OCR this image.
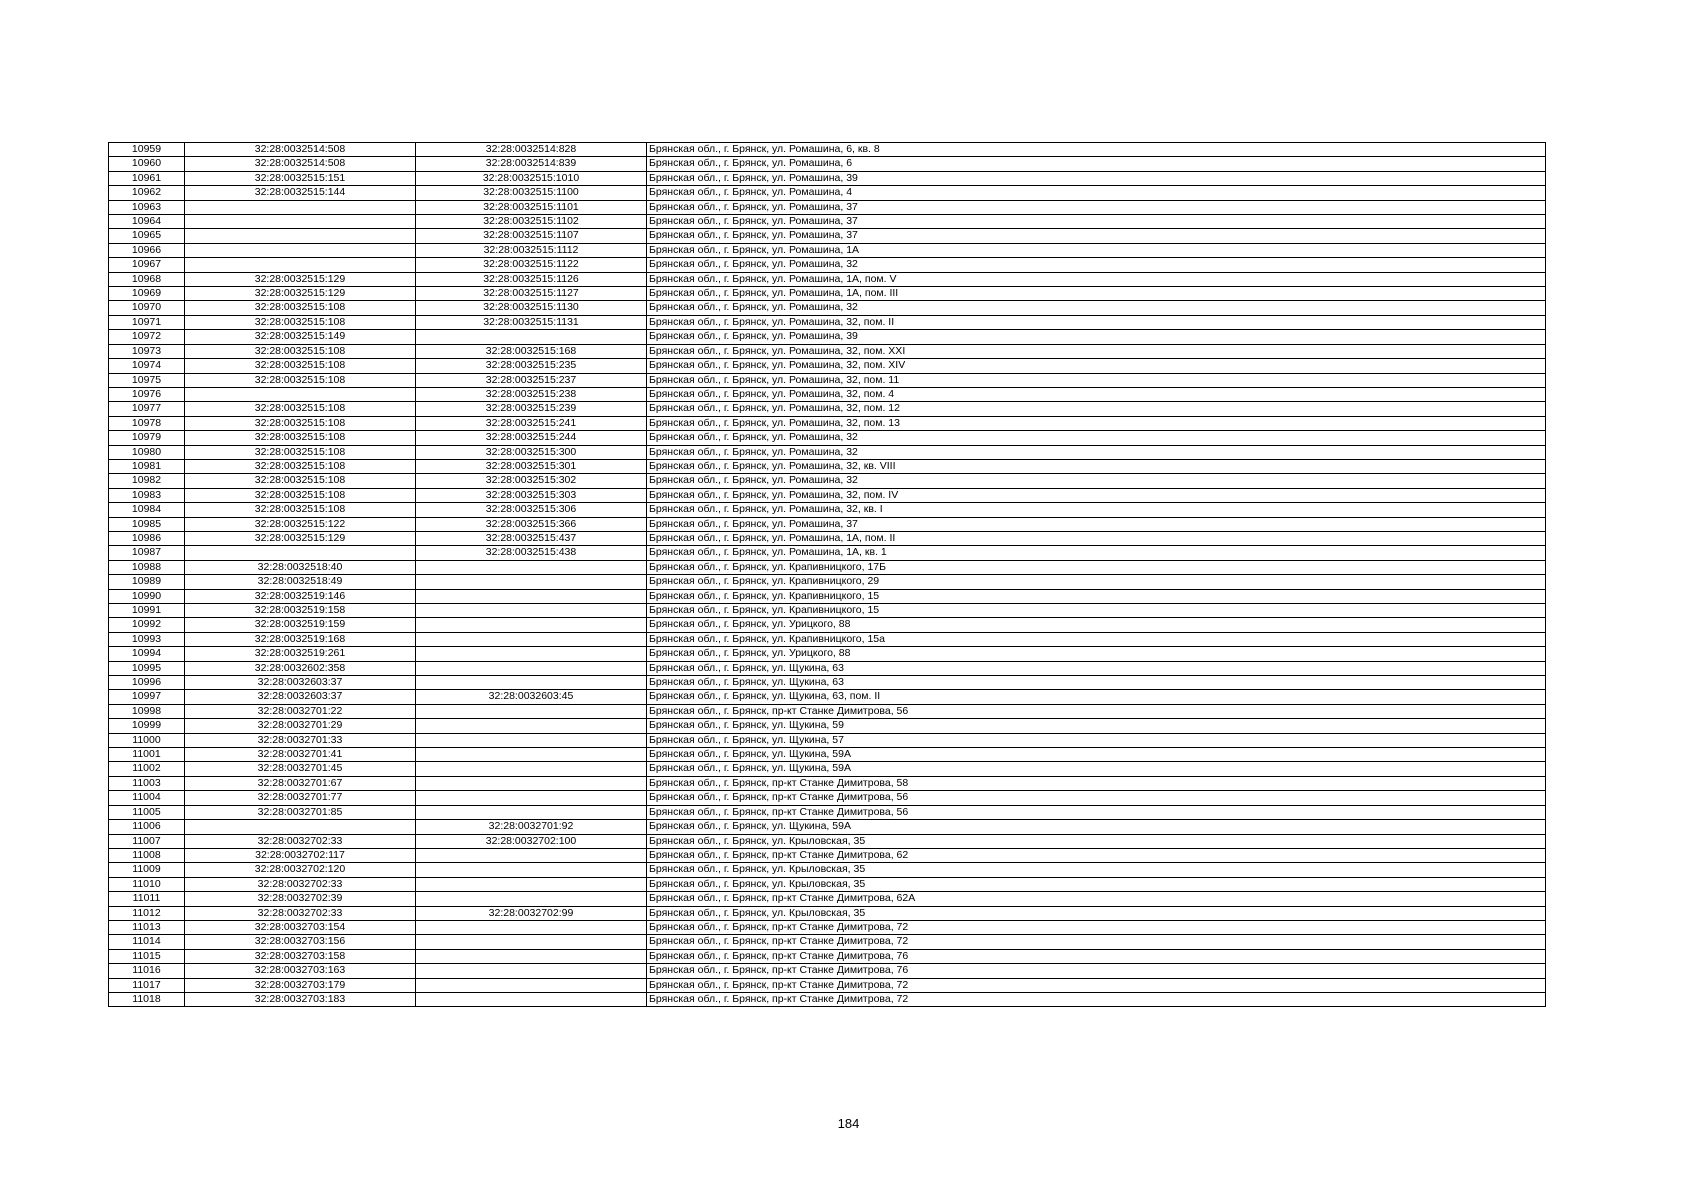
10959	32:28:0032514:508	32:28:0032514:828	Брянская обл., г. Брянск, ул. Ромашина, 6, кв. 8
10960	32:28:0032514:508	32:28:0032514:839	Брянская обл., г. Брянск, ул. Ромашина, 6
10961	32:28:0032515:151	32:28:0032515:1010	Брянская обл., г. Брянск, ул. Ромашина, 39
10962	32:28:0032515:144	32:28:0032515:1100	Брянская обл., г. Брянск, ул. Ромашина, 4
10963		32:28:0032515:1101	Брянская обл., г. Брянск, ул. Ромашина, 37
10964		32:28:0032515:1102	Брянская обл., г. Брянск, ул. Ромашина, 37
10965		32:28:0032515:1107	Брянская обл., г. Брянск, ул. Ромашина, 37
10966		32:28:0032515:1112	Брянская обл., г. Брянск, ул. Ромашина, 1А
10967		32:28:0032515:1122	Брянская обл., г. Брянск, ул. Ромашина, 32
10968	32:28:0032515:129	32:28:0032515:1126	Брянская обл., г. Брянск, ул. Ромашина, 1А, пом. V
10969	32:28:0032515:129	32:28:0032515:1127	Брянская обл., г. Брянск, ул. Ромашина, 1А, пом. III
10970	32:28:0032515:108	32:28:0032515:1130	Брянская обл., г. Брянск, ул. Ромашина, 32
10971	32:28:0032515:108	32:28:0032515:1131	Брянская обл., г. Брянск, ул. Ромашина, 32, пом. II
10972	32:28:0032515:149		Брянская обл., г. Брянск, ул. Ромашина, 39
10973	32:28:0032515:108	32:28:0032515:168	Брянская обл., г. Брянск, ул. Ромашина, 32, пом. XXI
10974	32:28:0032515:108	32:28:0032515:235	Брянская обл., г. Брянск, ул. Ромашина, 32, пом. XIV
10975	32:28:0032515:108	32:28:0032515:237	Брянская обл., г. Брянск, ул. Ромашина, 32, пом. 11
10976		32:28:0032515:238	Брянская обл., г. Брянск, ул. Ромашина, 32, пом. 4
10977	32:28:0032515:108	32:28:0032515:239	Брянская обл., г. Брянск, ул. Ромашина, 32, пом. 12
10978	32:28:0032515:108	32:28:0032515:241	Брянская обл., г. Брянск, ул. Ромашина, 32, пом. 13
10979	32:28:0032515:108	32:28:0032515:244	Брянская обл., г. Брянск, ул. Ромашина, 32
10980	32:28:0032515:108	32:28:0032515:300	Брянская обл., г. Брянск, ул. Ромашина, 32
10981	32:28:0032515:108	32:28:0032515:301	Брянская обл., г. Брянск, ул. Ромашина, 32, кв. VIII
10982	32:28:0032515:108	32:28:0032515:302	Брянская обл., г. Брянск, ул. Ромашина, 32
10983	32:28:0032515:108	32:28:0032515:303	Брянская обл., г. Брянск, ул. Ромашина, 32, пом. IV
10984	32:28:0032515:108	32:28:0032515:306	Брянская обл., г. Брянск, ул. Ромашина, 32, кв. I
10985	32:28:0032515:122	32:28:0032515:366	Брянская обл., г. Брянск, ул. Ромашина, 37
10986	32:28:0032515:129	32:28:0032515:437	Брянская обл., г. Брянск, ул. Ромашина, 1А, пом. II
10987		32:28:0032515:438	Брянская обл., г. Брянск, ул. Ромашина, 1А, кв. 1
10988	32:28:0032518:40		Брянская обл., г. Брянск, ул. Крапивницкого, 17Б
10989	32:28:0032518:49		Брянская обл., г. Брянск, ул. Крапивницкого, 29
10990	32:28:0032519:146		Брянская обл., г. Брянск, ул. Крапивницкого, 15
10991	32:28:0032519:158		Брянская обл., г. Брянск, ул. Крапивницкого, 15
10992	32:28:0032519:159		Брянская обл., г. Брянск, ул. Урицкого, 88
10993	32:28:0032519:168		Брянская обл., г. Брянск, ул. Крапивницкого, 15а
10994	32:28:0032519:261		Брянская обл., г. Брянск, ул. Урицкого, 88
10995	32:28:0032602:358		Брянская обл., г. Брянск, ул. Щукина, 63
10996	32:28:0032603:37		Брянская обл., г. Брянск, ул. Щукина, 63
10997	32:28:0032603:37	32:28:0032603:45	Брянская обл., г. Брянск, ул. Щукина, 63, пом. II
10998	32:28:0032701:22		Брянская обл., г. Брянск, пр-кт Станке Димитрова, 56
10999	32:28:0032701:29		Брянская обл., г. Брянск, ул. Щукина, 59
11000	32:28:0032701:33		Брянская обл., г. Брянск, ул. Щукина, 57
11001	32:28:0032701:41		Брянская обл., г. Брянск, ул. Щукина, 59А
11002	32:28:0032701:45		Брянская обл., г. Брянск, ул. Щукина, 59А
11003	32:28:0032701:67		Брянская обл., г. Брянск, пр-кт Станке Димитрова, 58
11004	32:28:0032701:77		Брянская обл., г. Брянск, пр-кт Станке Димитрова, 56
11005	32:28:0032701:85		Брянская обл., г. Брянск, пр-кт Станке Димитрова, 56
11006		32:28:0032701:92	Брянская обл., г. Брянск, ул. Щукина, 59А
11007	32:28:0032702:33	32:28:0032702:100	Брянская обл., г. Брянск, ул. Крыловская, 35
11008	32:28:0032702:117		Брянская обл., г. Брянск, пр-кт Станке Димитрова, 62
11009	32:28:0032702:120		Брянская обл., г. Брянск, ул. Крыловская, 35
11010	32:28:0032702:33		Брянская обл., г. Брянск, ул. Крыловская, 35
11011	32:28:0032702:39		Брянская обл., г. Брянск, пр-кт Станке Димитрова, 62А
11012	32:28:0032702:33	32:28:0032702:99	Брянская обл., г. Брянск, ул. Крыловская, 35
11013	32:28:0032703:154		Брянская обл., г. Брянск, пр-кт Станке Димитрова, 72
11014	32:28:0032703:156		Брянская обл., г. Брянск, пр-кт Станке Димитрова, 72
11015	32:28:0032703:158		Брянская обл., г. Брянск, пр-кт Станке Димитрова, 76
11016	32:28:0032703:163		Брянская обл., г. Брянск, пр-кт Станке Димитрова, 76
11017	32:28:0032703:179		Брянская обл., г. Брянск, пр-кт Станке Димитрова, 72
11018	32:28:0032703:183		Брянская обл., г. Брянск, пр-кт Станке Димитрова, 72
184
